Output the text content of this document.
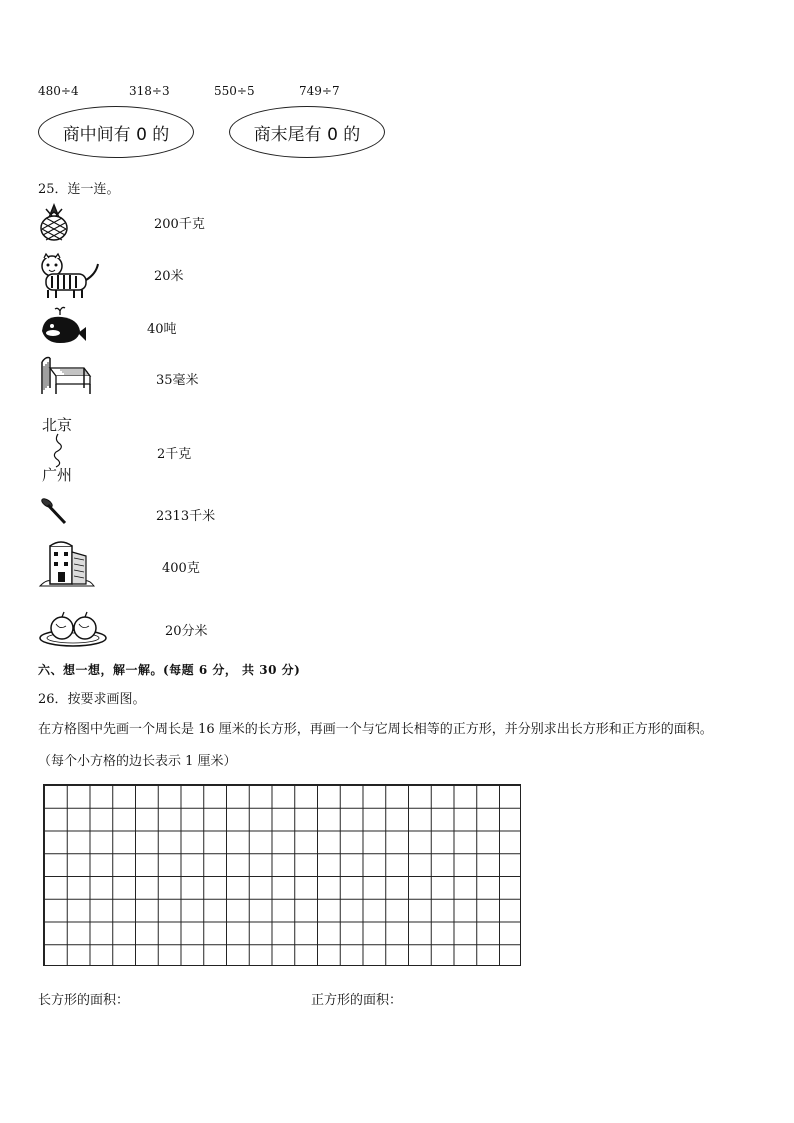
480÷4	318÷3	550÷5	749÷7
商中间有 0 的	商末尾有 0 的
25．连一连。
北京
广州
200千克
20米
40吨
35毫米
2千克
2313千米
400克
20分米
六、想一想，解一解。(每题 6 分， 共 30 分)
26．按要求画图。
在方格图中先画一个周长是 16 厘米的长方形，再画一个与它周长相等的正方形，并分别求出长方形和正方形的面积。
（每个小方格的边长表示 1 厘米）
长方形的面积：	正方形的面积：
